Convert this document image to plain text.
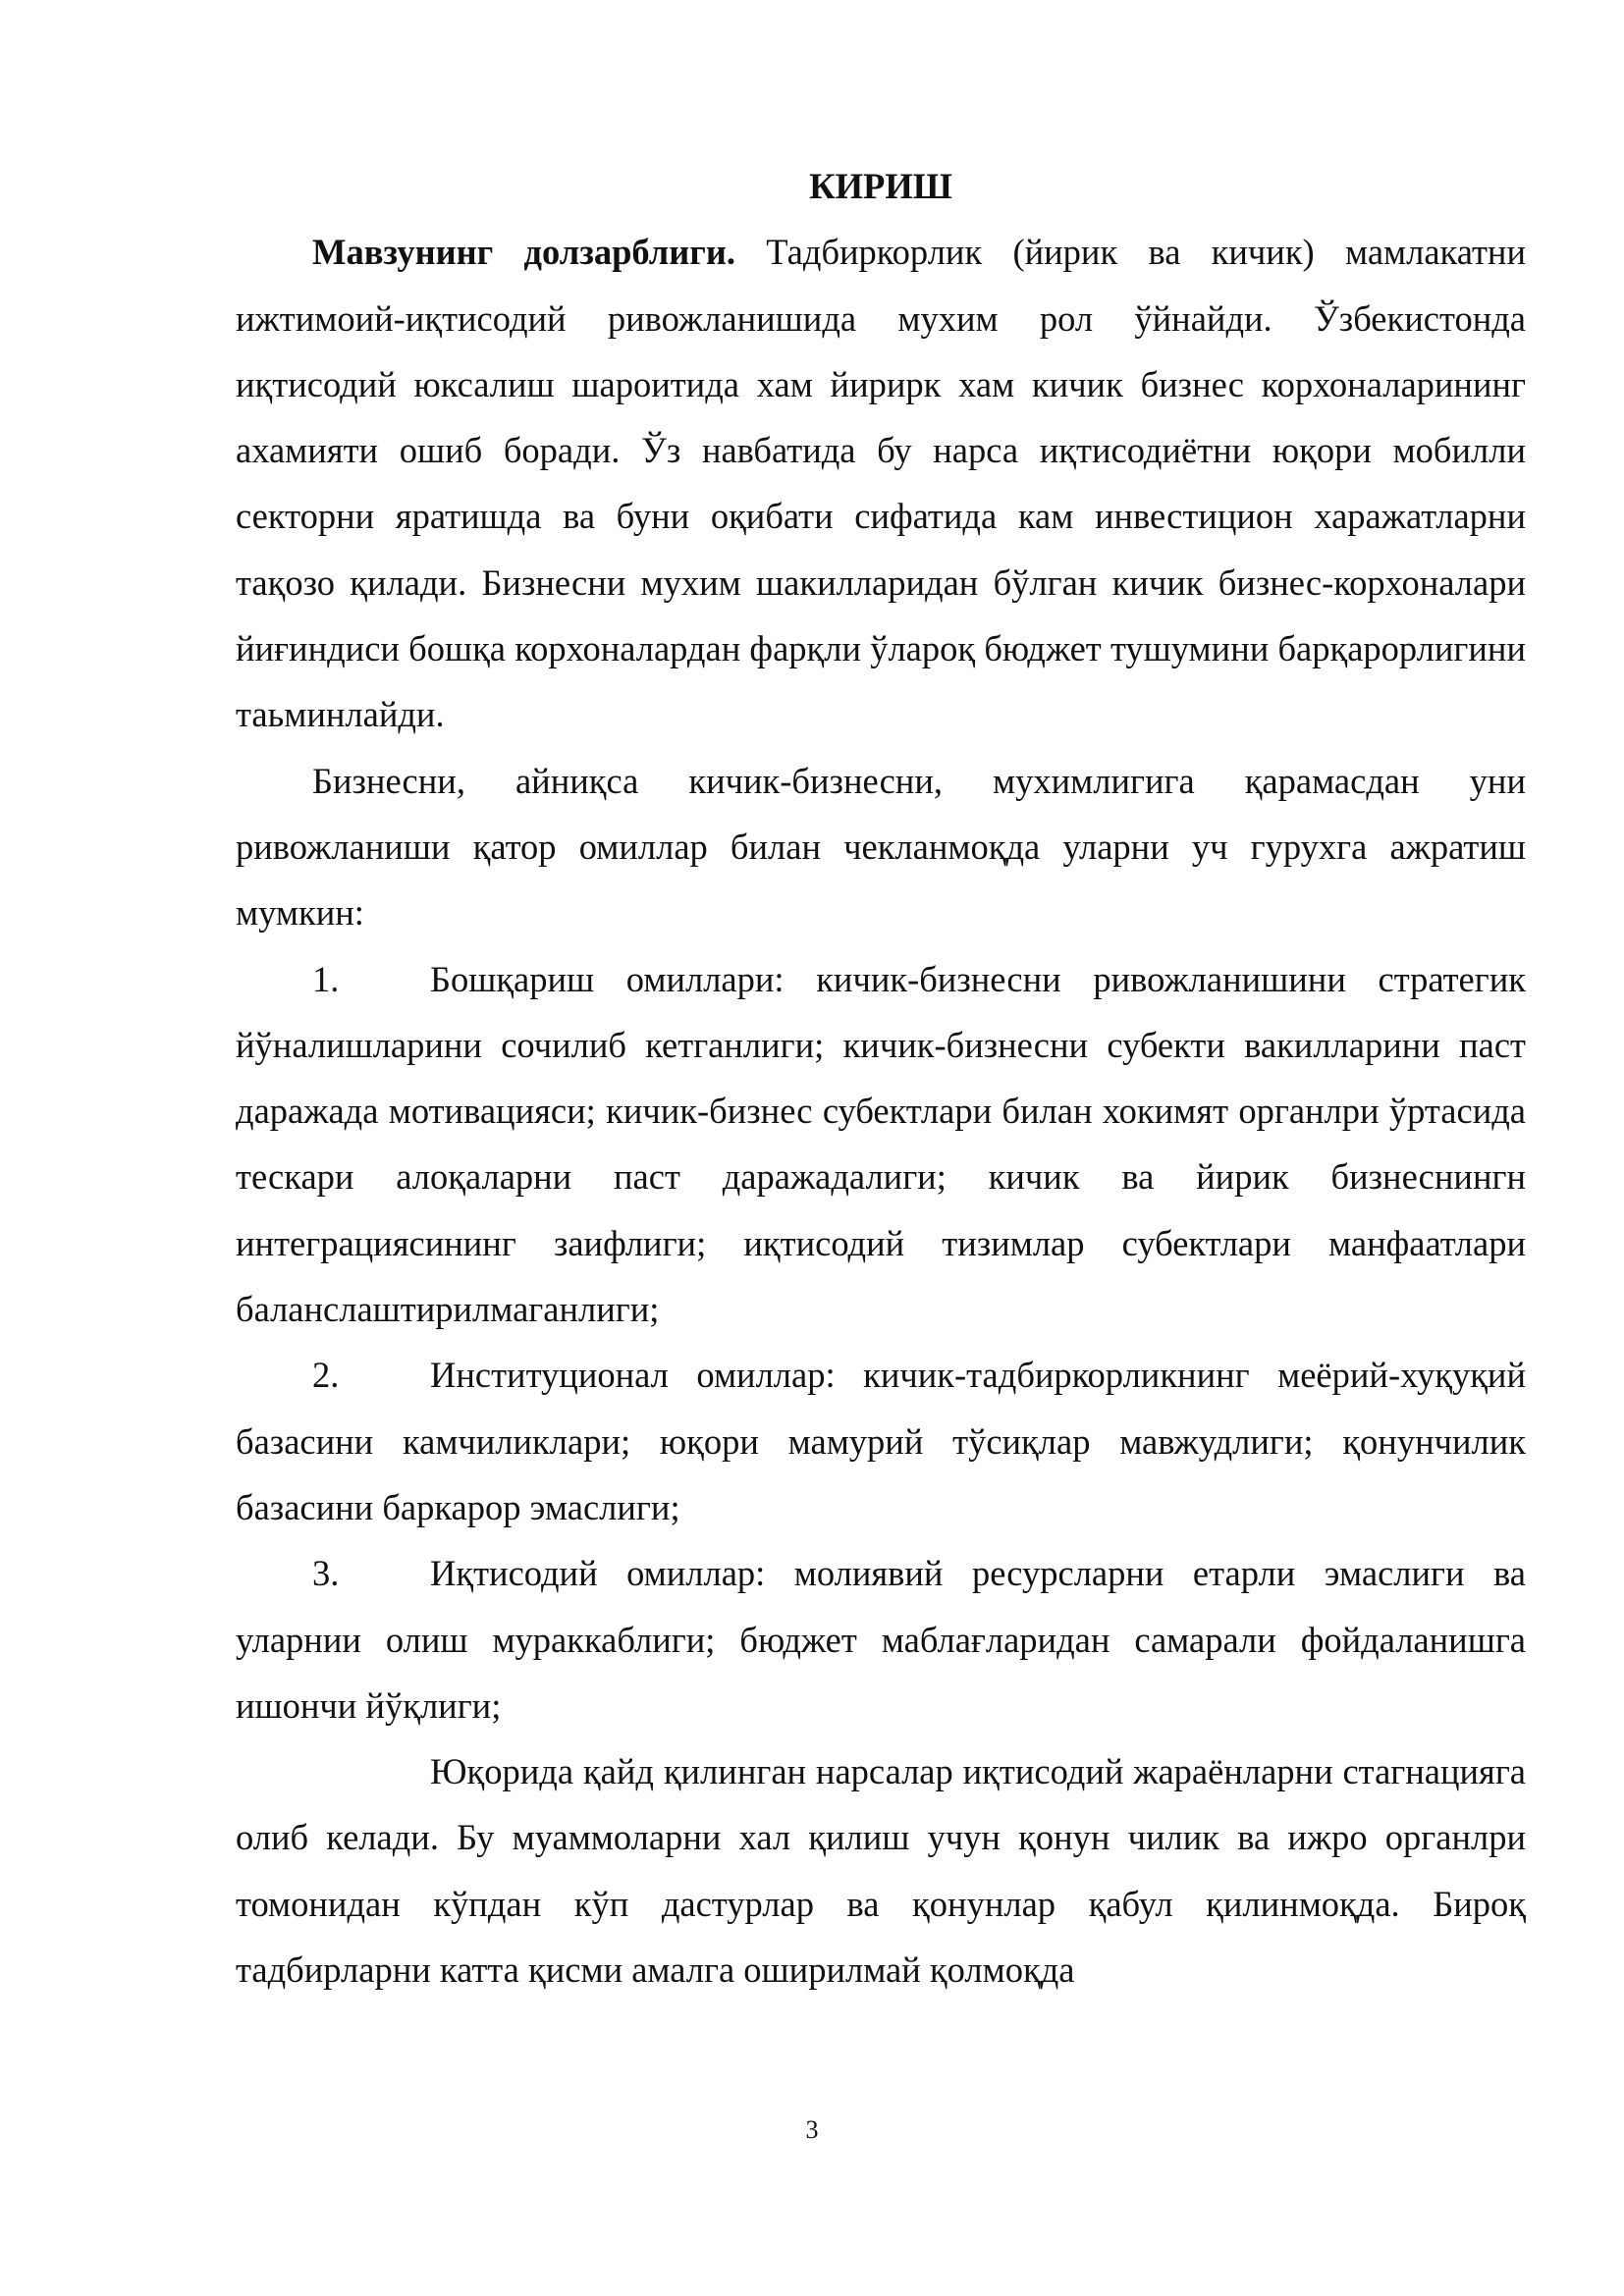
КИРИШ

Мавзунинг долзарблиги. Тадбиркорлик (йирик ва кичик) мамлакатни ижтимоий-иқтисодий ривожланишида мухим рол ўйнайди. Ўзбекистонда иқтисодий юксалиш шароитида хам йирирк хам кичик бизнес корхоналарининг ахамияти ошиб боради. Ўз навбатида бу нарса иқтисодиётни юқори мобилли секторни яратишда ва буни оқибати сифатида кам инвестицион харажатларни тақозо қилади. Бизнесни мухим шакилларидан бўлган кичик бизнес-корхоналари йиғиндиси бошқа корхоналардан фарқли ўлароқ бюджет тушумини барқарорлигини таьминлайди.

Бизнесни, айниқса кичик-бизнесни, мухимлигига қарамасдан уни ривожланиши қатор омиллар билан чекланмоқда уларни уч гурухга ажратиш мумкин:

1.	Бошқариш омиллари: кичик-бизнесни ривожланишини стратегик йўналишларини сочилиб кетганлиги; кичик-бизнесни субекти вакилларини паст даражада мотивацияси; кичик-бизнес субектлари билан хокимят органлри ўртасида тескари алоқаларни паст даражадалиги; кичик ва йирик бизнеснингн интеграциясининг заифлиги; иқтисодий тизимлар субектлари манфаатлари баланслаштирилмаганлиги;

2.	Институционал омиллар: кичик-тадбиркорликнинг меёрий-хуқуқий базасини камчиликлари; юқори мамурий тўсиқлар мавжудлиги; қонунчилик базасини баркарор эмаслиги;

3.	Иқтисодий омиллар: молиявий ресурсларни етарли эмаслиги ва уларнии олиш мураккаблиги; бюджет маблағларидан самарали фойдаланишга ишончи йўқлиги;

Юқорида қайд қилинган нарсалар иқтисодий жараёнларни стагнацияга олиб келади. Бу муаммоларни хал қилиш учун қонун чилик ва ижро органлри томонидан кўпдан кўп дастурлар ва қонунлар қабул қилинмоқда. Бироқ тадбирларни катта қисми амалга оширилмай қолмоқда

3
